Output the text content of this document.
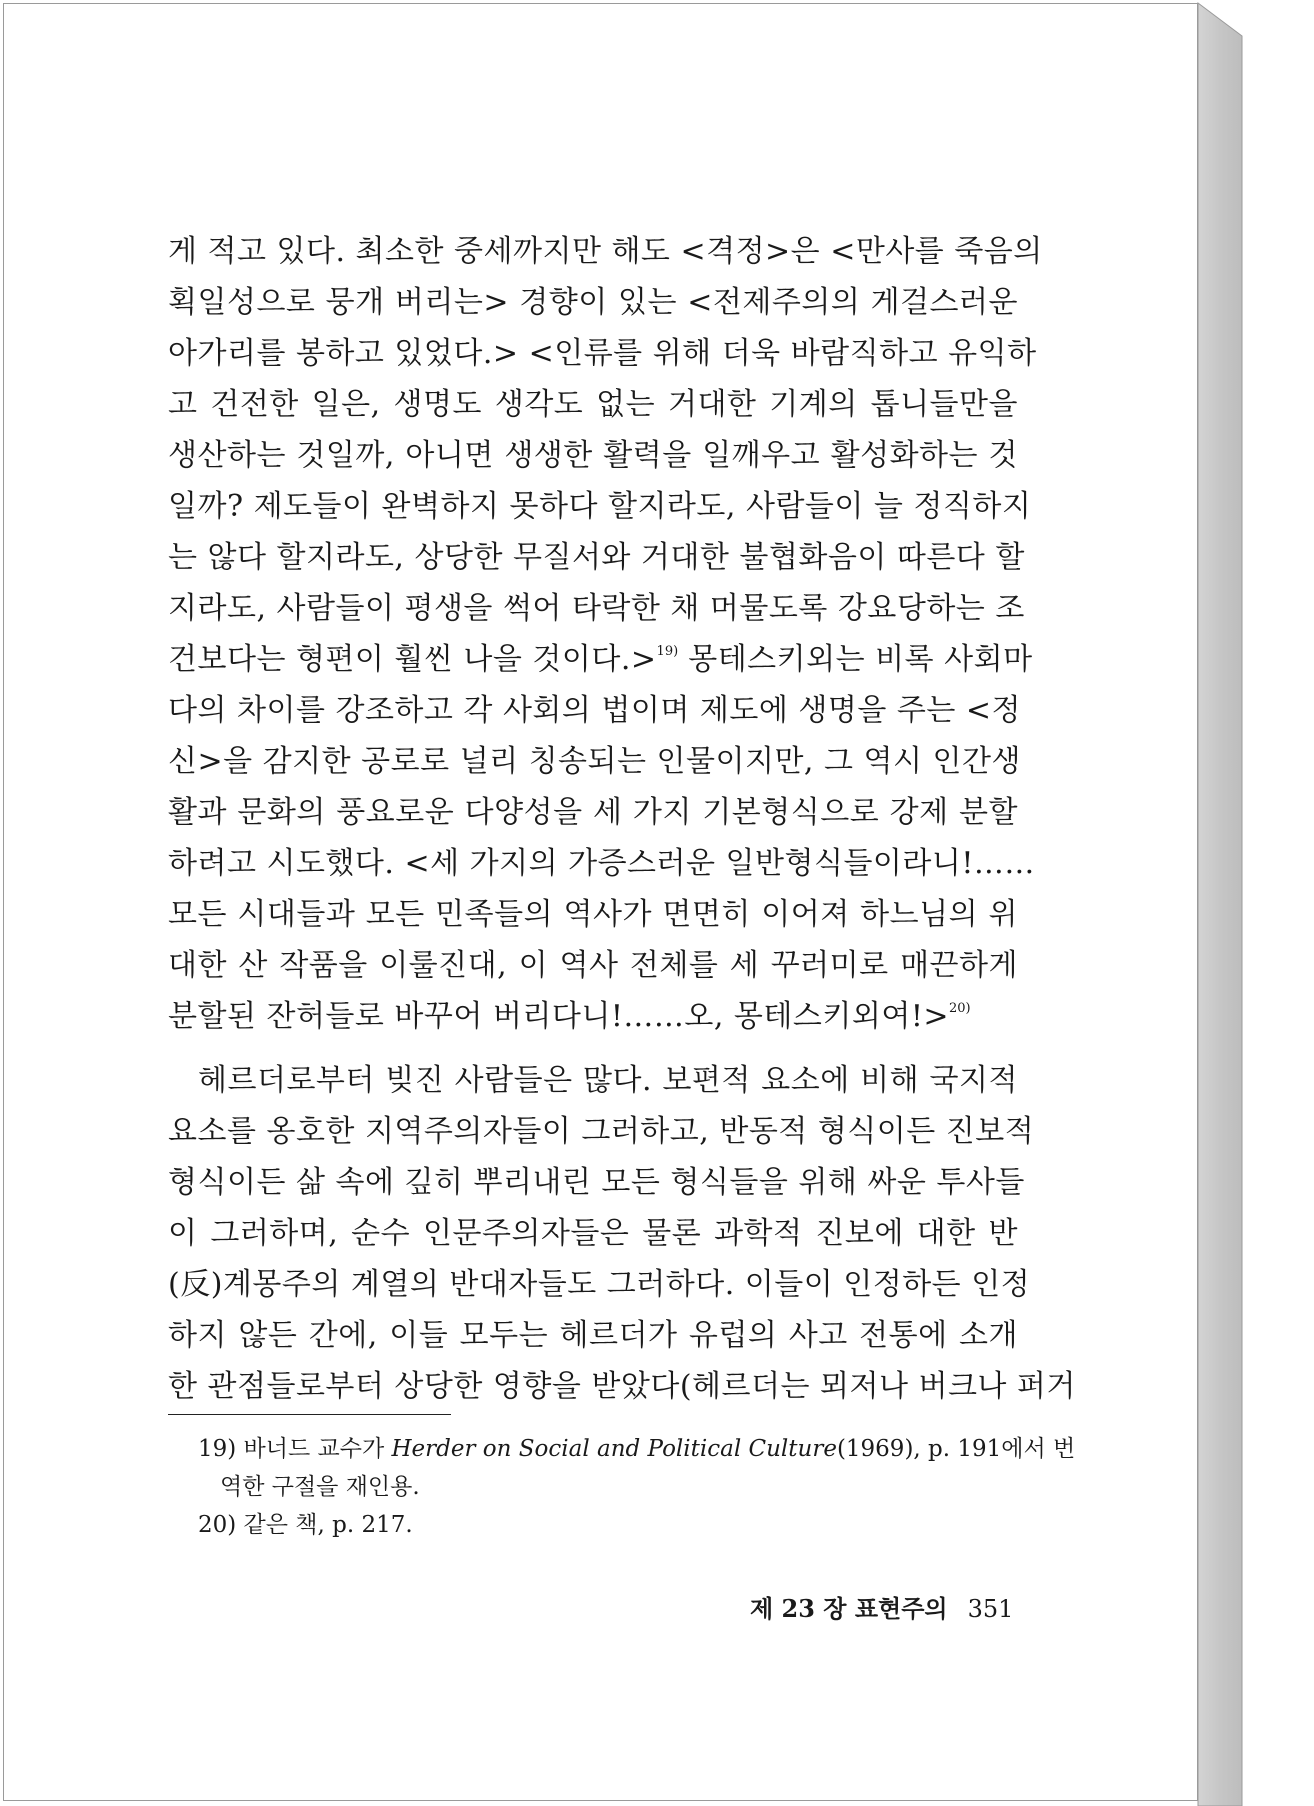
게 적고 있다. 최소한 중세까지만 해도 <격정>은 <만사를 죽음의
획일성으로 뭉개 버리는> 경향이 있는 <전제주의의 게걸스러운
아가리를 봉하고 있었다.> <인류를 위해 더욱 바람직하고 유익하
고 건전한 일은, 생명도 생각도 없는 거대한 기계의 톱니들만을
생산하는 것일까, 아니면 생생한 활력을 일깨우고 활성화하는 것
일까? 제도들이 완벽하지 못하다 할지라도, 사람들이 늘 정직하지
는 않다 할지라도, 상당한 무질서와 거대한 불협화음이 따른다 할
지라도, 사람들이 평생을 썩어 타락한 채 머물도록 강요당하는 조
건보다는 형편이 훨씬 나을 것이다.>$^{19)}$ 몽테스키외는 비록 사회마
다의 차이를 강조하고 각 사회의 법이며 제도에 생명을 주는 <정
신>을 감지한 공로로 널리 칭송되는 인물이지만, 그 역시 인간생
활과 문화의 풍요로운 다양성을 세 가지 기본형식으로 강제 분할
하려고 시도했다. <세 가지의 가증스러운 일반형식들이라니!……
모든 시대들과 모든 민족들의 역사가 면면히 이어져 하느님의 위
대한 산 작품을 이룰진대, 이 역사 전체를 세 꾸러미로 매끈하게
분할된 잔허들로 바꾸어 버리다니!……오, 몽테스키외여!>$^{20)}$
헤르더로부터 빚진 사람들은 많다. 보편적 요소에 비해 국지적
요소를 옹호한 지역주의자들이 그러하고, 반동적 형식이든 진보적
형식이든 삶 속에 깊히 뿌리내린 모든 형식들을 위해 싸운 투사들
이 그러하며, 순수 인문주의자들은 물론 과학적 진보에 대한 반
(反)계몽주의 계열의 반대자들도 그러하다. 이들이 인정하든 인정
하지 않든 간에, 이들 모두는 헤르더가 유럽의 사고 전통에 소개
한 관점들로부터 상당한 영향을 받았다(헤르더는 뫼저나 버크나 퍼거
19) 바너드 교수가 Herder on Social and Political Culture(1969), p. 191에서 번
역한 구절을 재인용.
20) 같은 책, p. 217.
제 23 장 표현주의 351
